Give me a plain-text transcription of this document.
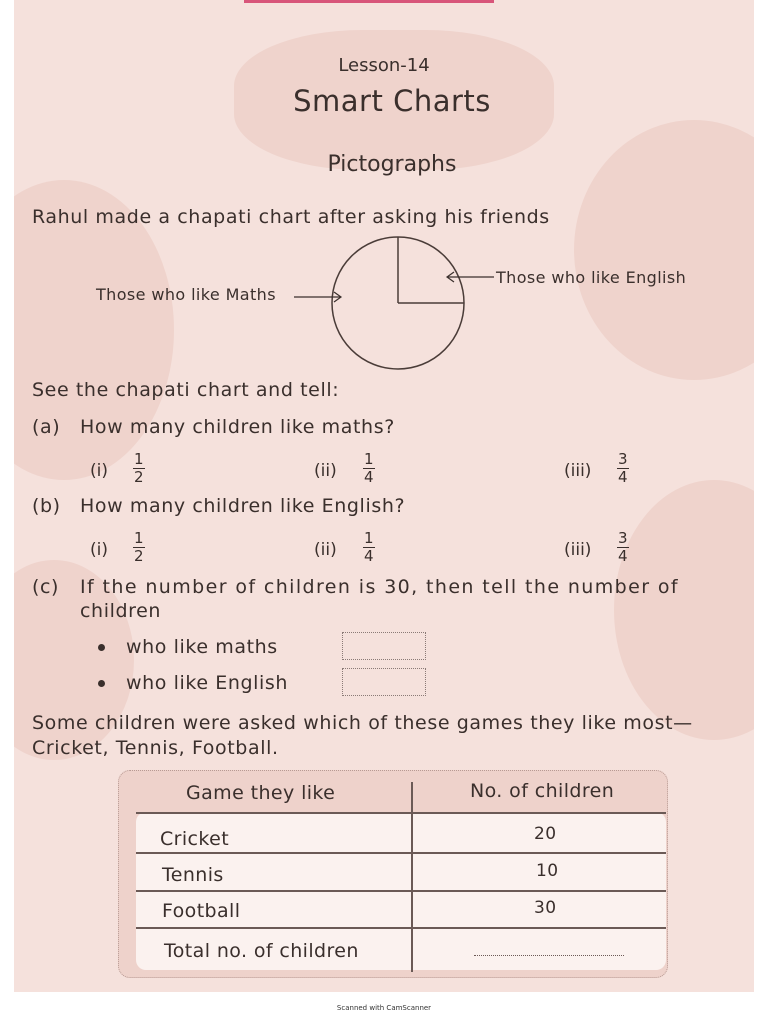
Lesson-14
Smart Charts
Pictographs
Rahul made a chapati chart after asking his friends
Those who like English
Those who like Maths
See the chapati chart and tell:
(a) How many children like maths?
(i)
1
2	(ii)
1
4	(iii)
3
4
(b) How many children like English?
(i)
1
2	(ii)
1
4	(iii)
3
4
(c) If the number of children is 30, then tell the number of
children
who like maths
who like English
Some children were asked which of these games they like most—
Cricket, Tennis, Football.
Game they like	No. of children
Cricket	20
Tennis	10
Football	30
Total no. of children
Scanned with CamScanner
